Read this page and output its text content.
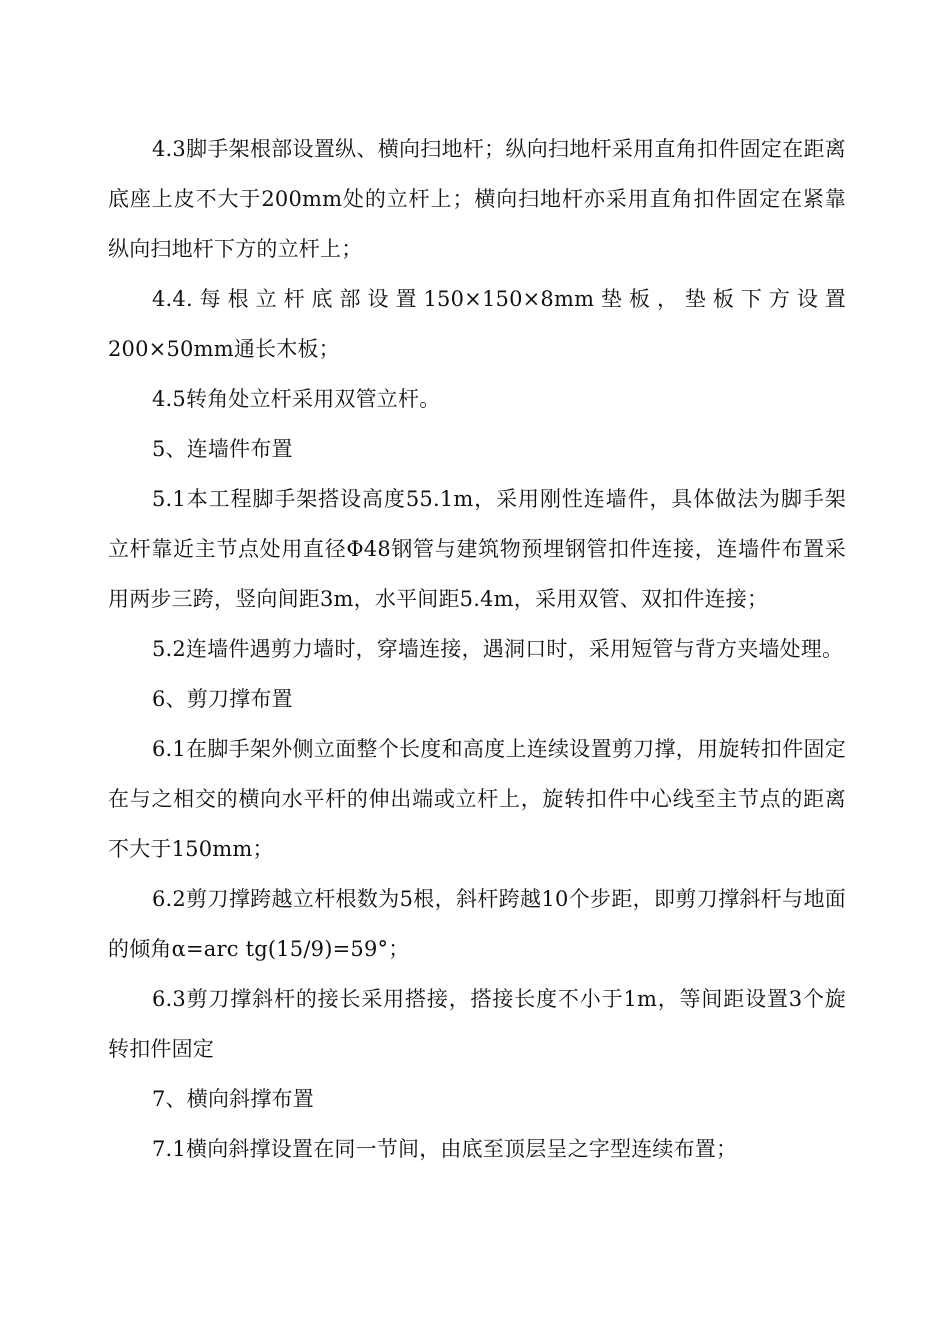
4.3脚手架根部设置纵、横向扫地杆；纵向扫地杆采用直角扣件固定在距离底座上皮不大于200mm处的立杆上；横向扫地杆亦采用直角扣件固定在紧靠纵向扫地杆下方的立杆上；

4.4.每根立杆底部设置150×150×8mm垫板，垫板下方设置200×50mm通长木板；

4.5转角处立杆采用双管立杆。

5、连墙件布置

5.1本工程脚手架搭设高度55.1m，采用刚性连墙件，具体做法为脚手架立杆靠近主节点处用直径Φ48钢管与建筑物预埋钢管扣件连接，连墙件布置采用两步三跨，竖向间距3m，水平间距5.4m，采用双管、双扣件连接；

5.2连墙件遇剪力墙时，穿墙连接，遇洞口时，采用短管与背方夹墙处理。

6、剪刀撑布置

6.1在脚手架外侧立面整个长度和高度上连续设置剪刀撑，用旋转扣件固定在与之相交的横向水平杆的伸出端或立杆上，旋转扣件中心线至主节点的距离不大于150mm；

6.2剪刀撑跨越立杆根数为5根，斜杆跨越10个步距，即剪刀撑斜杆与地面的倾角α=arc tg(15/9)=59°；

6.3剪刀撑斜杆的接长采用搭接，搭接长度不小于1m，等间距设置3个旋转扣件固定

7、横向斜撑布置

7.1横向斜撑设置在同一节间，由底至顶层呈之字型连续布置；
